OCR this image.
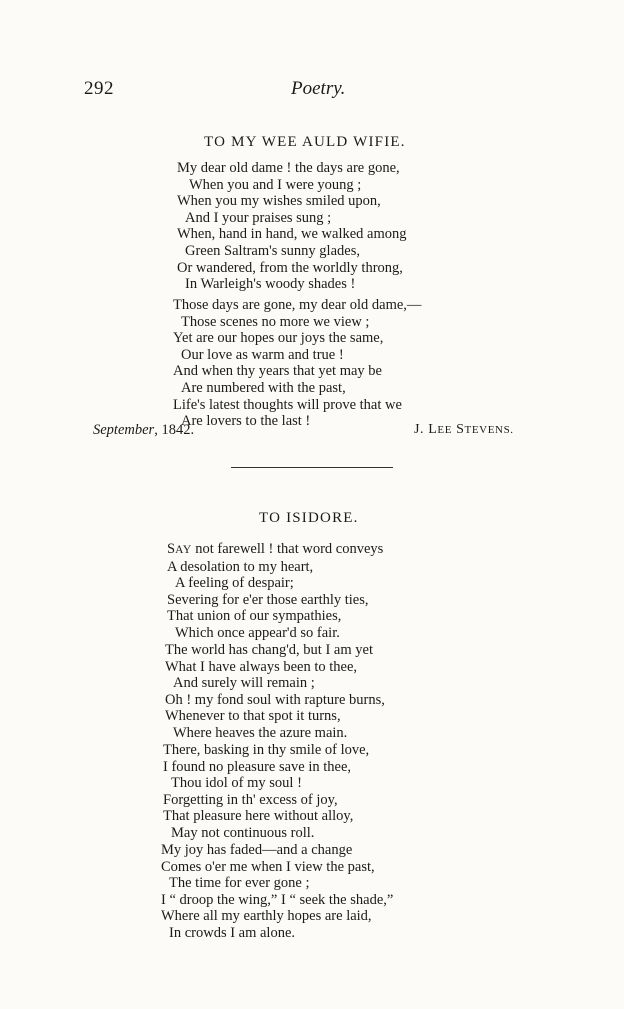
292	Poetry.
TO MY WEE AULD WIFIE.
My dear old dame ! the days are gone,
When you and I were young ;
When you my wishes smiled upon,
And I your praises sung ;
When, hand in hand, we walked among
Green Saltram's sunny glades,
Or wandered, from the worldly throng,
In Warleigh's woody shades !
Those days are gone, my dear old dame,—
Those scenes no more we view ;
Yet are our hopes our joys the same,
Our love as warm and true !
And when thy years that yet may be
Are numbered with the past,
Life's latest thoughts will prove that we
Are lovers to the last !
September, 1842.	J. LEE STEVENS.
TO ISIDORE.
SAY not farewell ! that word conveys
A desolation to my heart,
A feeling of despair;
Severing for e'er those earthly ties,
That union of our sympathies,
Which once appear'd so fair.
The world has chang'd, but I am yet
What I have always been to thee,
And surely will remain ;
Oh ! my fond soul with rapture burns,
Whenever to that spot it turns,
Where heaves the azure main.
There, basking in thy smile of love,
I found no pleasure save in thee,
Thou idol of my soul !
Forgetting in th' excess of joy,
That pleasure here without alloy,
May not continuous roll.
My joy has faded—and a change
Comes o'er me when I view the past,
The time for ever gone ;
I “ droop the wing,” I “ seek the shade,”
Where all my earthly hopes are laid,
In crowds I am alone.
